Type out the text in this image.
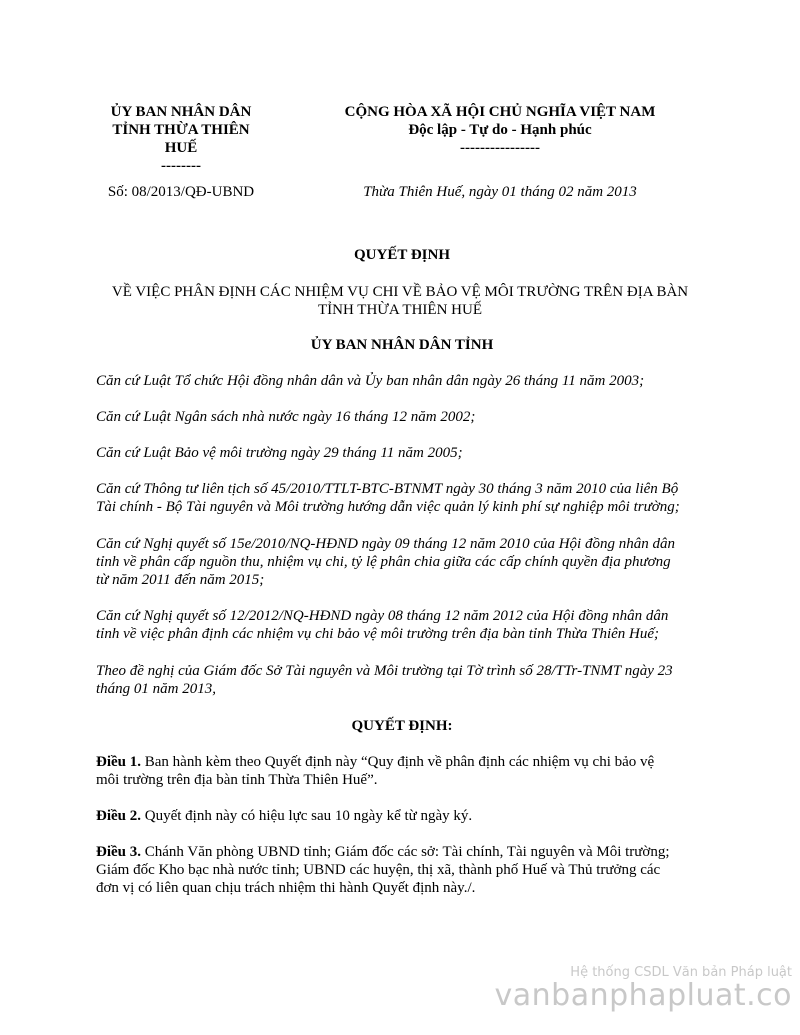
ỦY BAN NHÂN DÂN
TỈNH THỪA THIÊN
HUẾ
--------
CỘNG HÒA XÃ HỘI CHỦ NGHĨA VIỆT NAM
Độc lập - Tự do - Hạnh phúc
----------------
Số: 08/2013/QĐ-UBND	Thừa Thiên Huế, ngày 01 tháng 02 năm 2013
QUYẾT ĐỊNH
VỀ VIỆC PHÂN ĐỊNH CÁC NHIỆM VỤ CHI VỀ BẢO VỆ MÔI TRƯỜNG TRÊN ĐỊA BÀN
TỈNH THỪA THIÊN HUẾ
ỦY BAN NHÂN DÂN TỈNH
Căn cứ Luật Tổ chức Hội đồng nhân dân và Ủy ban nhân dân ngày 26 tháng 11 năm 2003;
Căn cứ Luật Ngân sách nhà nước ngày 16 tháng 12 năm 2002;
Căn cứ Luật Bảo vệ môi trường ngày 29 tháng 11 năm 2005;
Căn cứ Thông tư liên tịch số 45/2010/TTLT-BTC-BTNMT ngày 30 tháng 3 năm 2010 của liên Bộ
Tài chính - Bộ Tài nguyên và Môi trường hướng dẫn việc quản lý kinh phí sự nghiệp môi trường;
Căn cứ Nghị quyết số 15e/2010/NQ-HĐND ngày 09 tháng 12 năm 2010 của Hội đồng nhân dân
tỉnh về phân cấp nguồn thu, nhiệm vụ chi, tỷ lệ phân chia giữa các cấp chính quyền địa phương
từ năm 2011 đến năm 2015;
Căn cứ Nghị quyết số 12/2012/NQ-HĐND ngày 08 tháng 12 năm 2012 của Hội đồng nhân dân
tỉnh về việc phân định các nhiệm vụ chi bảo vệ môi trường trên địa bàn tỉnh Thừa Thiên Huế;
Theo đề nghị của Giám đốc Sở Tài nguyên và Môi trường tại Tờ trình số 28/TTr-TNMT ngày 23
tháng 01 năm 2013,
QUYẾT ĐỊNH:
Điều 1. Ban hành kèm theo Quyết định này “Quy định về phân định các nhiệm vụ chi bảo vệ
môi trường trên địa bàn tỉnh Thừa Thiên Huế”.
Điều 2. Quyết định này có hiệu lực sau 10 ngày kể từ ngày ký.
Điều 3. Chánh Văn phòng UBND tỉnh; Giám đốc các sở: Tài chính, Tài nguyên và Môi trường;
Giám đốc Kho bạc nhà nước tỉnh; UBND các huyện, thị xã, thành phố Huế và Thủ trưởng các
đơn vị có liên quan chịu trách nhiệm thi hành Quyết định này./.
Hệ thống CSDL Văn bản Pháp luật
vanbanphapluat.co
